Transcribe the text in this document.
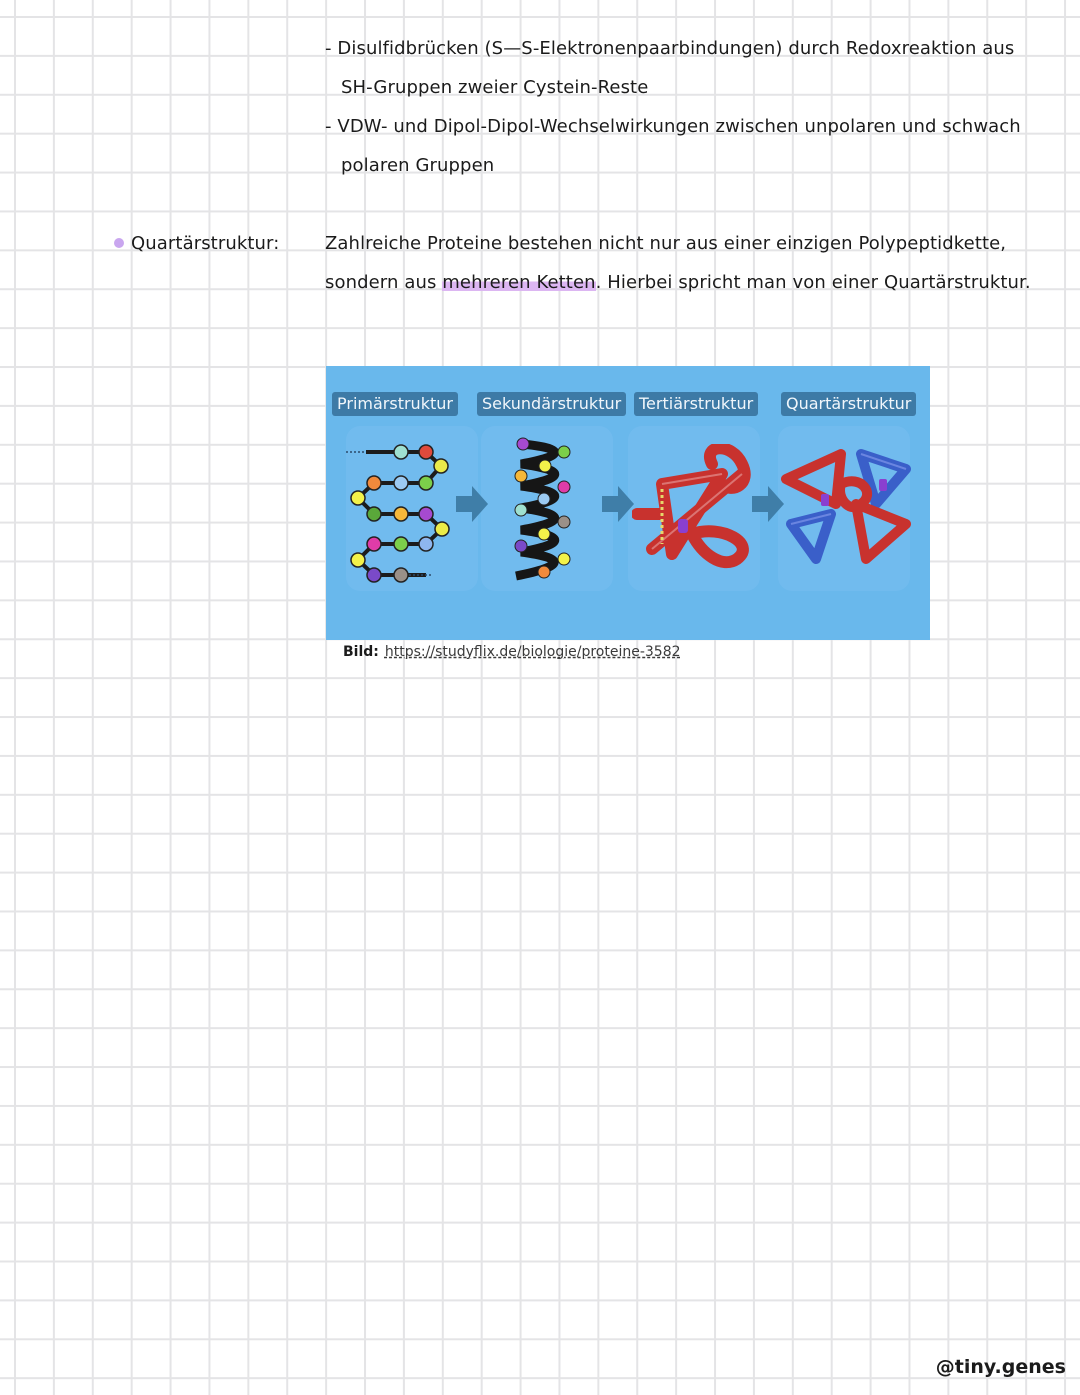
- Disulfidbrücken (S—S-Elektronenpaarbindungen) durch Redoxreaktion aus
SH-Gruppen zweier Cystein-Reste
- VDW- und Dipol-Dipol-Wechselwirkungen zwischen unpolaren und schwach
polaren Gruppen
Quartärstruktur:	Zahlreiche Proteine bestehen nicht nur aus einer einzigen Polypeptidkette,
sondern aus mehreren Ketten. Hierbei spricht man von einer Quartärstruktur.
Primärstruktur	Sekundärstruktur	Tertiärstruktur	Quartärstruktur
Bild: https://studyflix.de/biologie/proteine-3582
@tiny.genes
